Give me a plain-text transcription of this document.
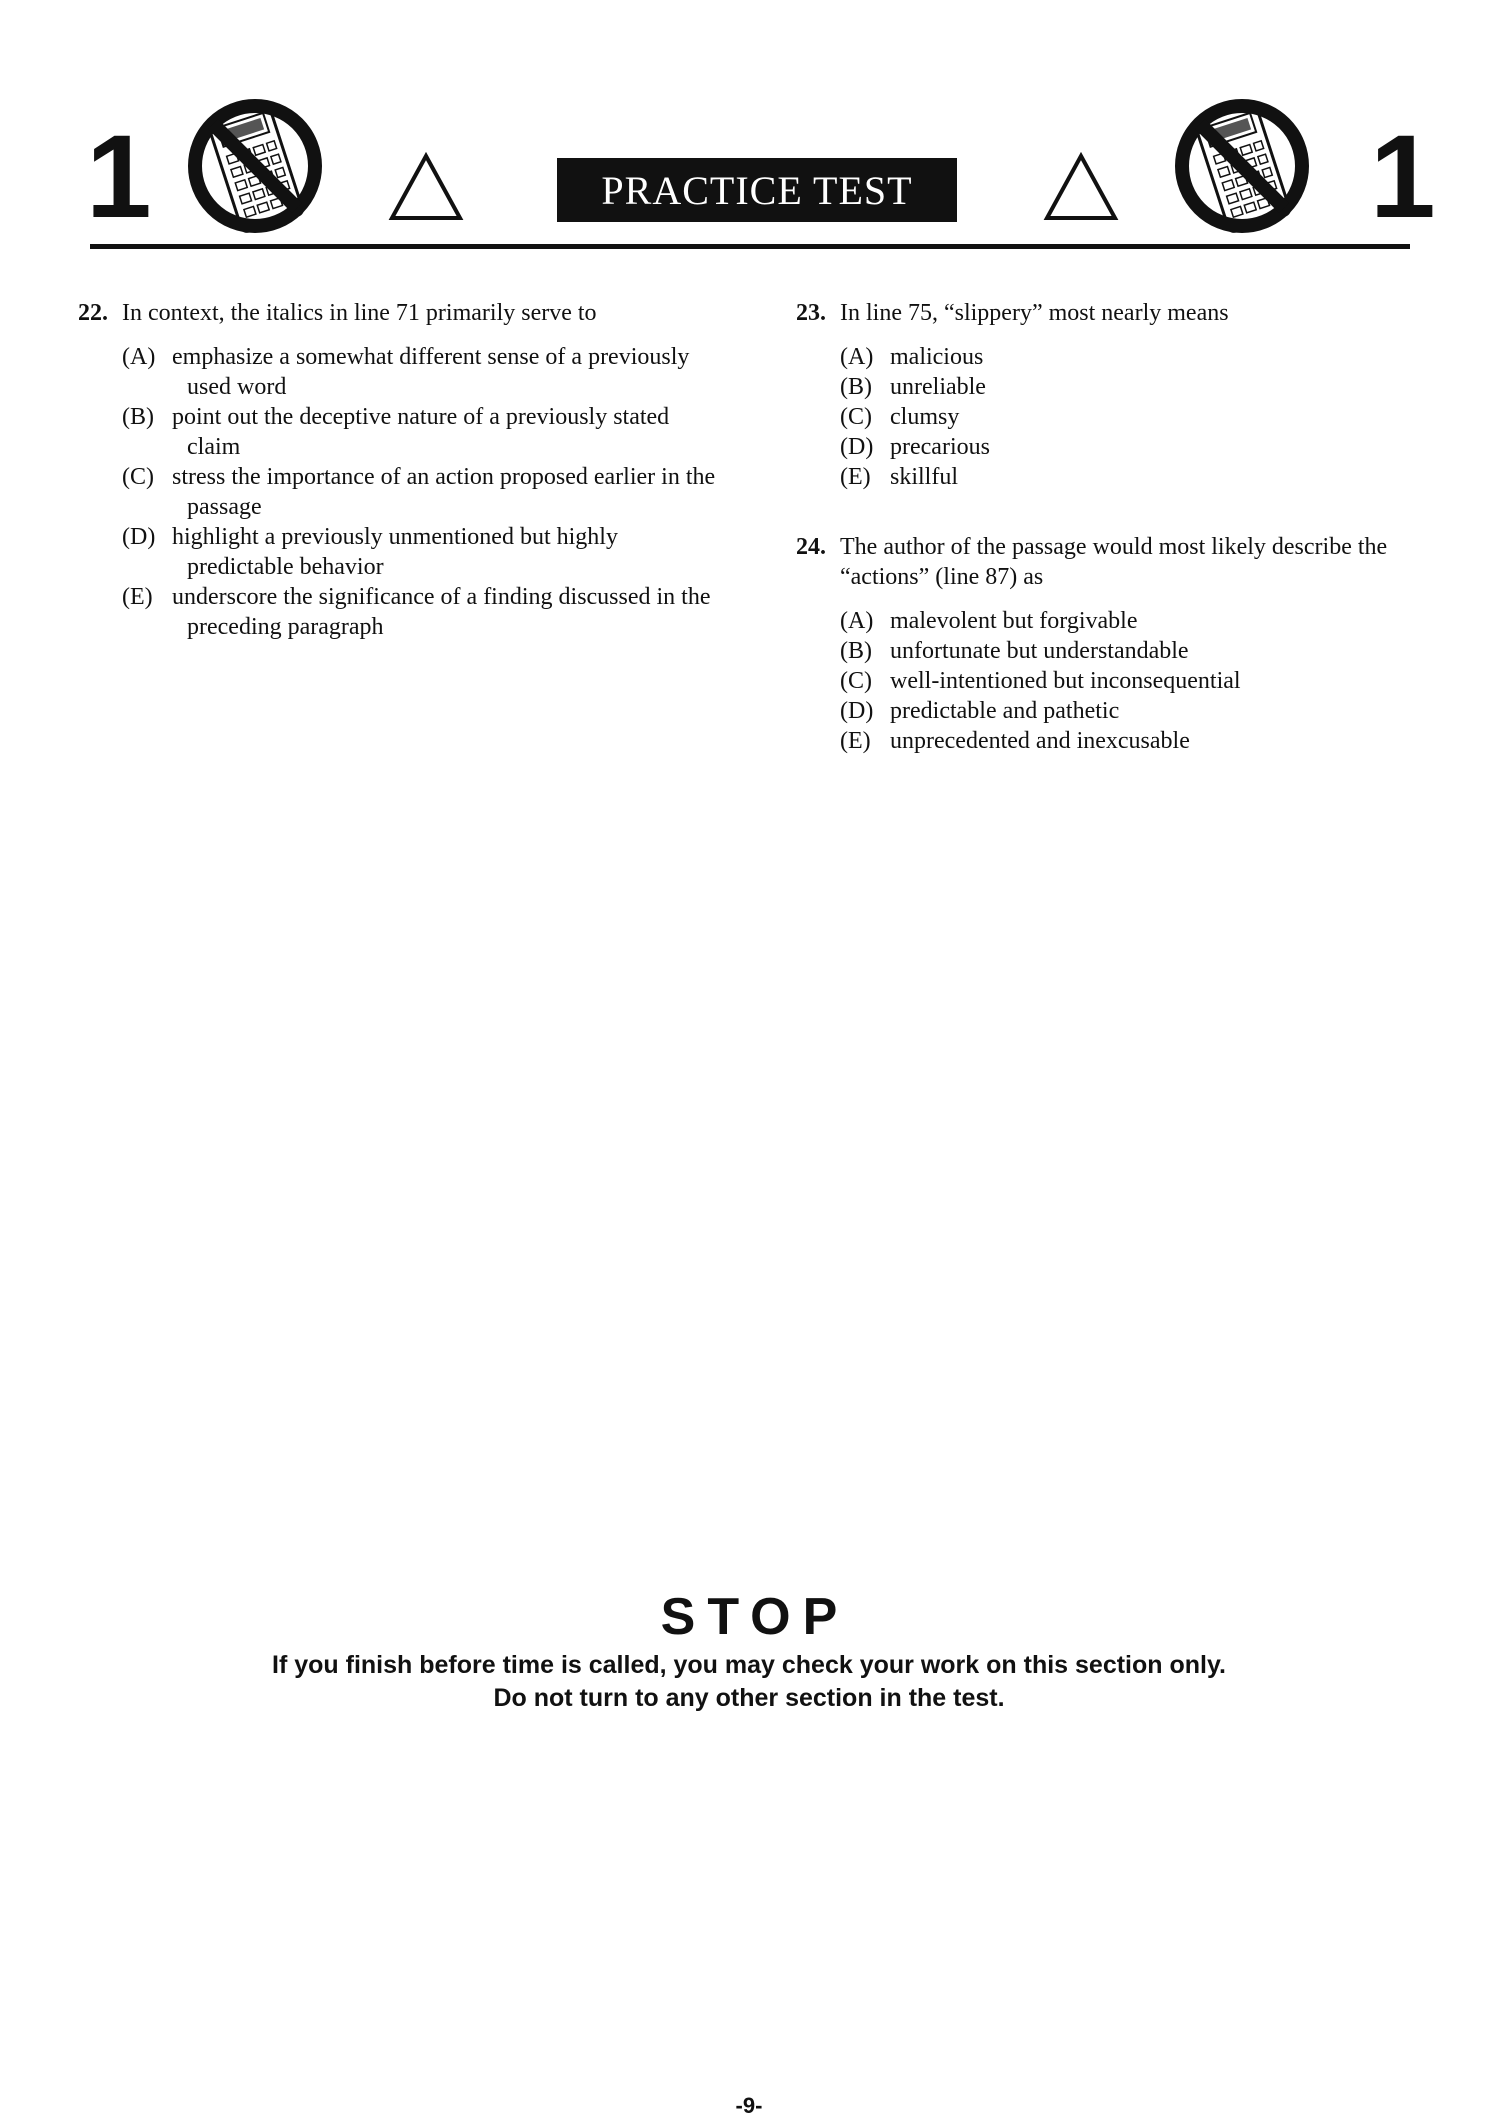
1	PRACTICE TEST	1
22. In context, the italics in line 71 primarily serve to
(A) emphasize a somewhat different sense of a previously used word
(B) point out the deceptive nature of a previously stated claim
(C) stress the importance of an action proposed earlier in the passage
(D) highlight a previously unmentioned but highly predictable behavior
(E) underscore the significance of a finding discussed in the preceding paragraph
23. In line 75, “slippery” most nearly means
(A) malicious
(B) unreliable
(C) clumsy
(D) precarious
(E) skillful
24. The author of the passage would most likely describe the “actions” (line 87) as
(A) malevolent but forgivable
(B) unfortunate but understandable
(C) well-intentioned but inconsequential
(D) predictable and pathetic
(E) unprecedented and inexcusable
STOP
If you finish before time is called, you may check your work on this section only.
Do not turn to any other section in the test.
-9-
